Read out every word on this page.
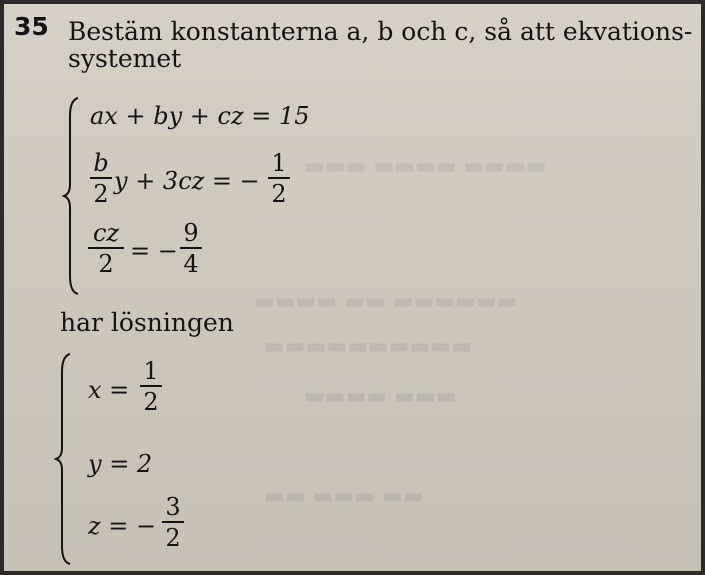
▬▬▬ ▬▬▬▬ ▬▬▬▬
▬▬▬▬ ▬▬ ▬▬▬▬▬▬
▬▬▬▬▬▬▬▬▬▬
▬▬▬▬ ▬▬▬
▬▬ ▬▬▬ ▬▬
35 Bestäm konstanterna a, b och c, så att ekvations-
systemet
ax + by + cz = 15
b
2 y + 3cz = −
1
2
cz
2 = −
9
4
har lösningen
x =
1
2
y = 2
z = −
3
2
